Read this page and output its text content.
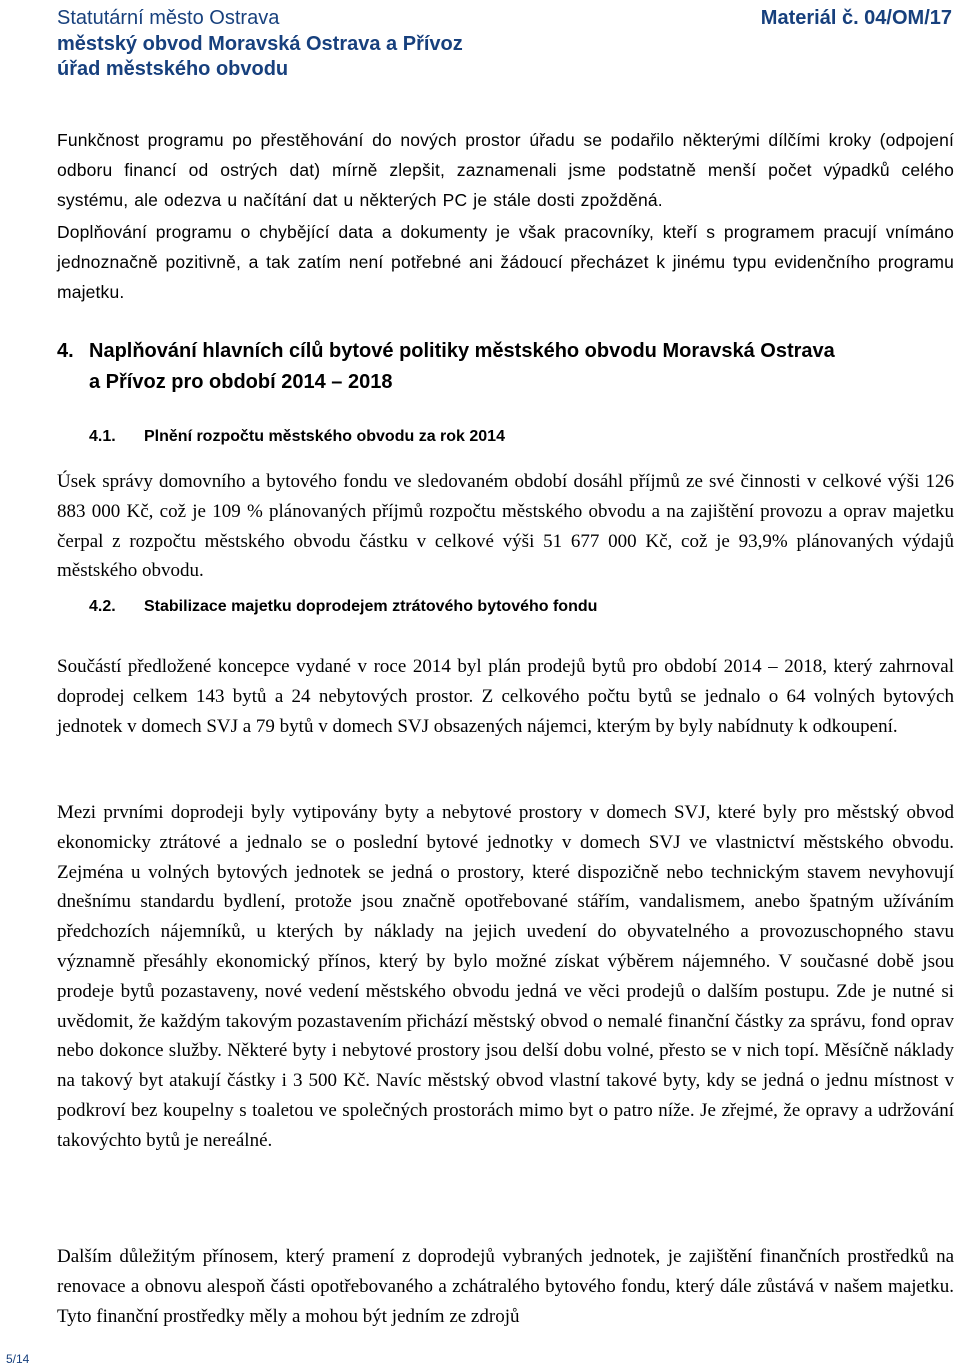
Statutární město Ostrava
městský obvod Moravská Ostrava a Přívoz
úřad městského obvodu
Materiál č. 04/OM/17

Funkčnost programu po přestěhování do nových prostor úřadu se podařilo některými dílčími kroky (odpojení odboru financí od ostrých dat) mírně zlepšit, zaznamenali jsme podstatně menší počet výpadků celého systému, ale odezva u načítání dat u některých PC je stále dosti zpožděná.

Doplňování programu o chybějící data a dokumenty je však pracovníky, kteří s programem pracují vnímáno jednoznačně pozitivně, a tak zatím není potřebné ani žádoucí přecházet k jinému typu evidenčního programu majetku.

4. Naplňování hlavních cílů bytové politiky městského obvodu Moravská Ostrava
a Přívoz pro období 2014 – 2018
4.1. Plnění rozpočtu městského obvodu za rok 2014

Úsek správy domovního a bytového fondu ve sledovaném období dosáhl příjmů ze své činnosti v celkové výši 126 883 000 Kč, což je 109 % plánovaných příjmů rozpočtu městského obvodu a na zajištění provozu a oprav majetku čerpal z rozpočtu městského obvodu částku v celkové výši 51 677 000 Kč, což je 93,9% plánovaných výdajů městského obvodu.

4.2. Stabilizace majetku doprodejem ztrátového bytového fondu

Součástí předložené koncepce vydané v roce 2014 byl plán prodejů bytů pro období 2014 – 2018, který zahrnoval doprodej celkem 143 bytů a 24 nebytových prostor. Z celkového počtu bytů se jednalo o 64 volných bytových jednotek v domech SVJ a 79 bytů v domech SVJ obsazených nájemci, kterým by byly nabídnuty k odkoupení.

Mezi prvními doprodeji byly vytipovány byty a nebytové prostory v domech SVJ, které byly pro městský obvod ekonomicky ztrátové a jednalo se o poslední bytové jednotky v domech SVJ ve vlastnictví městského obvodu. Zejména u volných bytových jednotek se jedná o prostory, které dispozičně nebo technickým stavem nevyhovují dnešnímu standardu bydlení, protože jsou značně opotřebované stářím, vandalismem, anebo špatným užíváním předchozích nájemníků, u kterých by náklady na jejich uvedení do obyvatelného a provozuschopného stavu významně přesáhly ekonomický přínos, který by bylo možné získat výběrem nájemného. V současné době jsou prodeje bytů pozastaveny, nové vedení městského obvodu jedná ve věci prodejů o dalším postupu. Zde je nutné si uvědomit, že každým takovým pozastavením přichází městský obvod o nemalé finanční částky za správu, fond oprav nebo dokonce služby. Některé byty i nebytové prostory jsou delší dobu volné, přesto se v nich topí. Měsíčně náklady na takový byt atakují částky i 3 500 Kč. Navíc městský obvod vlastní takové byty, kdy se jedná o jednu místnost v podkroví bez koupelny s toaletou ve společných prostorách mimo byt o patro níže. Je zřejmé, že opravy a udržování takovýchto bytů je nereálné.

Dalším důležitým přínosem, který pramení z doprodejů vybraných jednotek, je zajištění finančních prostředků na renovace a obnovu alespoň části opotřebovaného a zchátralého bytového fondu, který dále zůstává v našem majetku. Tyto finanční prostředky měly a mohou být jedním ze zdrojů

5/14
